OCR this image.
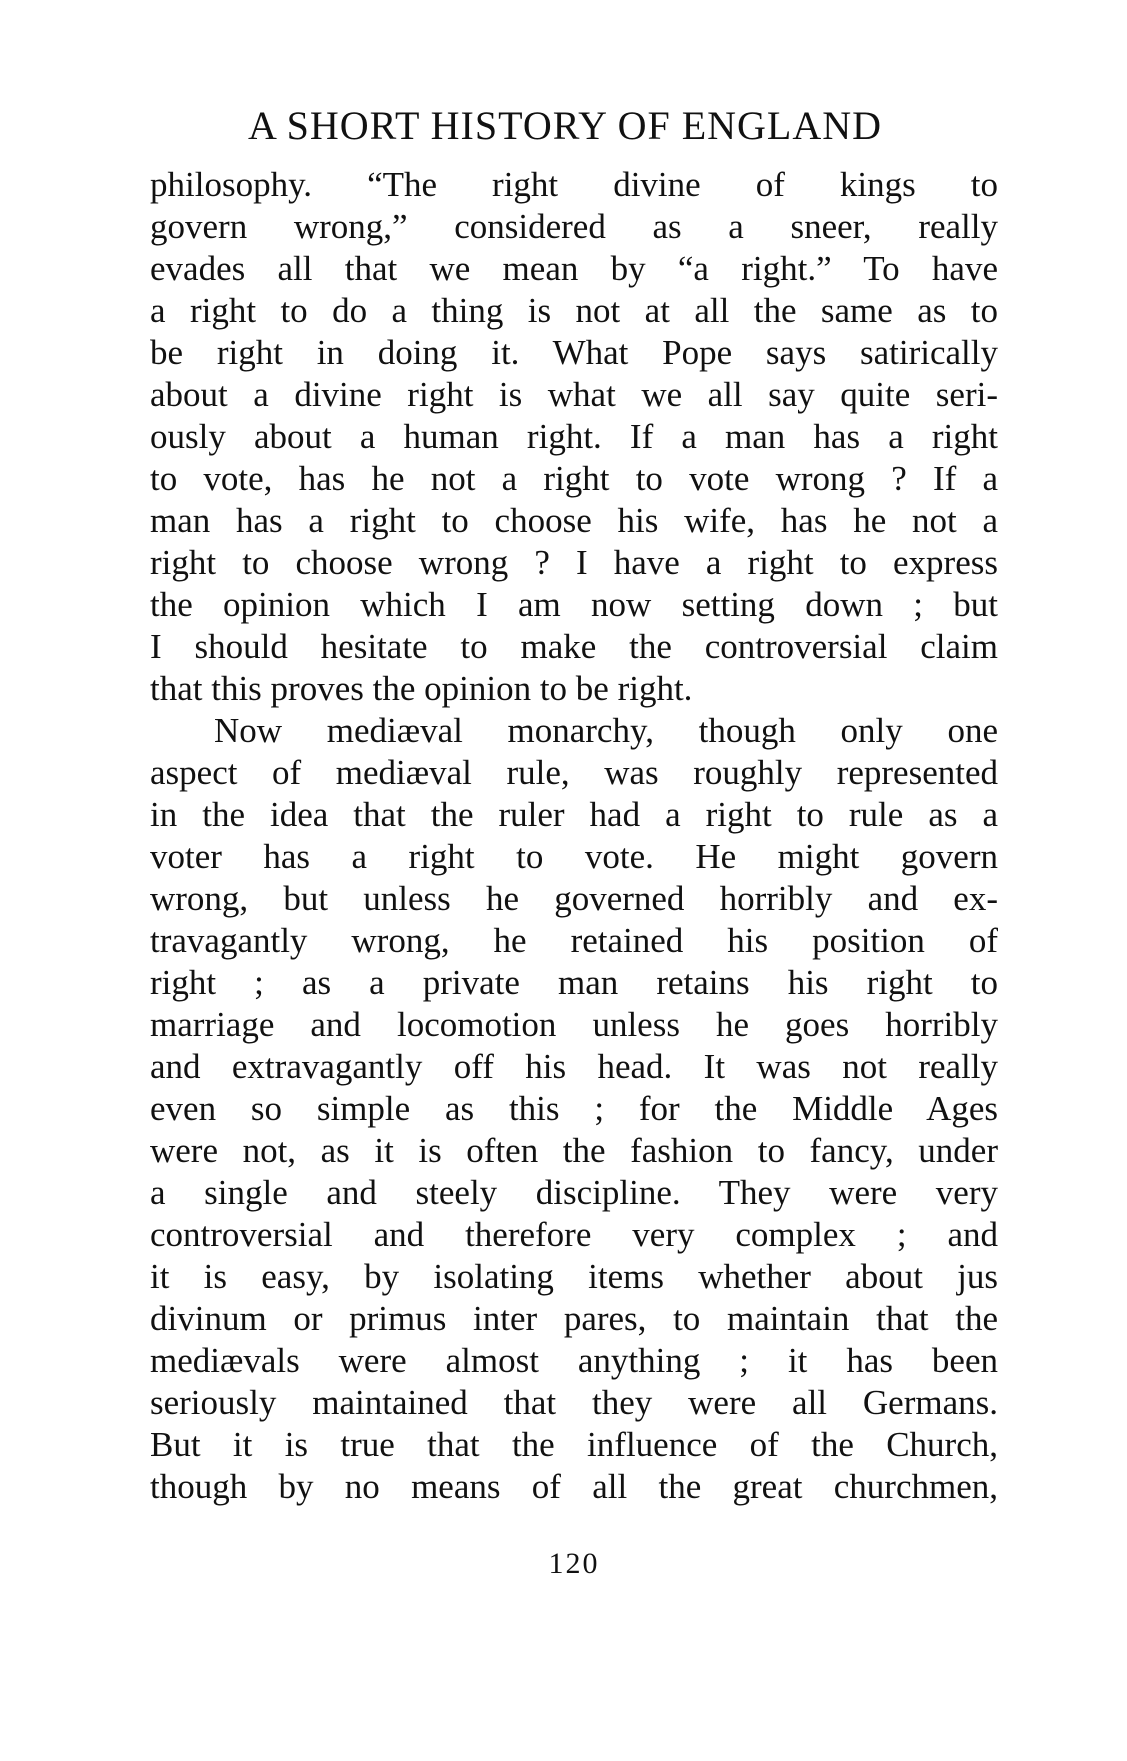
A SHORT HISTORY OF ENGLAND
philosophy. “The right divine of kings to
govern wrong,” considered as a sneer, really
evades all that we mean by “a right.” To have
a right to do a thing is not at all the same as to
be right in doing it. What Pope says satirically
about a divine right is what we all say quite seri-
ously about a human right. If a man has a right
to vote, has he not a right to vote wrong ? If a
man has a right to choose his wife, has he not a
right to choose wrong ? I have a right to express
the opinion which I am now setting down ; but
I should hesitate to make the controversial claim
that this proves the opinion to be right.
Now mediæval monarchy, though only one
aspect of mediæval rule, was roughly represented
in the idea that the ruler had a right to rule as a
voter has a right to vote. He might govern
wrong, but unless he governed horribly and ex-
travagantly wrong, he retained his position of
right ; as a private man retains his right to
marriage and locomotion unless he goes horribly
and extravagantly off his head. It was not really
even so simple as this ; for the Middle Ages
were not, as it is often the fashion to fancy, under
a single and steely discipline. They were very
controversial and therefore very complex ; and
it is easy, by isolating items whether about jus
divinum or primus inter pares, to maintain that the
mediævals were almost anything ; it has been
seriously maintained that they were all Germans.
But it is true that the influence of the Church,
though by no means of all the great churchmen,
120
